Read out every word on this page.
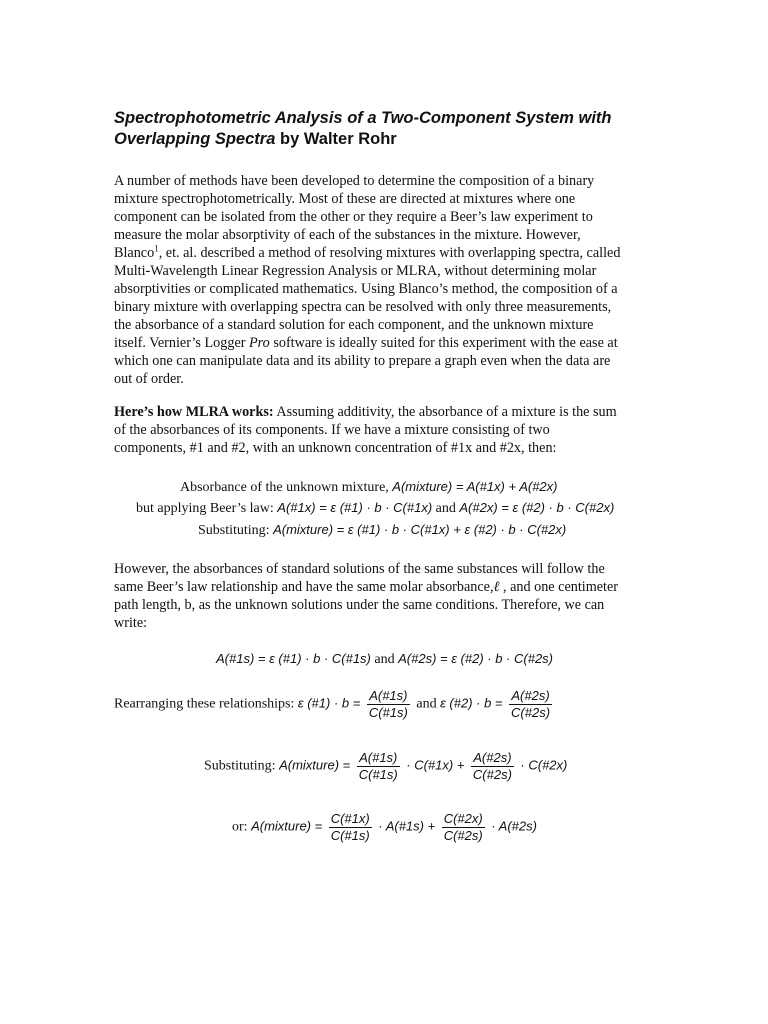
Spectrophotometric Analysis of a Two-Component System with Overlapping Spectra by Walter Rohr

A number of methods have been developed to determine the composition of a binary
mixture spectrophotometrically. Most of these are directed at mixtures where one
component can be isolated from the other or they require a Beer’s law experiment to
measure the molar absorptivity of each of the substances in the mixture. However,
Blanco$^1$, et. al. described a method of resolving mixtures with overlapping spectra, called
Multi-Wavelength Linear Regression Analysis or MLRA, without determining molar
absorptivities or complicated mathematics. Using Blanco’s method, the composition of a
binary mixture with overlapping spectra can be resolved with only three measurements,
the absorbance of a standard solution for each component, and the unknown mixture
itself. Vernier’s Logger Pro software is ideally suited for this experiment with the ease at
which one can manipulate data and its ability to prepare a graph even when the data are
out of order.

Here’s how MLRA works: Assuming additivity, the absorbance of a mixture is the sum
of the absorbances of its components. If we have a mixture consisting of two
components, #1 and #2, with an unknown concentration of #1x and #2x, then:

Absorbance of the unknown mixture, A(mixture) = A(#1x) + A(#2x)
but applying Beer’s law: A(#1x) = ε (#1) · b · C(#1x) and A(#2x) = ε (#2) · b · C(#2x)
Substituting: A(mixture) = ε (#1) · b · C(#1x) + ε (#2) · b · C(#2x)

However, the absorbances of standard solutions of the same substances will follow the
same Beer’s law relationship and have the same molar absorbance,ℓ , and one centimeter
path length, b, as the unknown solutions under the same conditions. Therefore, we can
write:

A(#1s) = ε (#1) · b · C(#1s) and A(#2s) = ε (#2) · b · C(#2s)
Rearranging these relationships: ε (#1) · $b = \frac{A(\#1s)}{C(\#1s)}$ and ε (#2) · $b = \frac{A(\#2s)}{C(\#2s)}$
Substituting: A(mixture) = $\frac{A(\#1s)}{C(\#1s)}$ · C(#1x) + $\frac{A(\#2s)}{C(\#2s)}$ · C(#2x)
or: A(mixture) = $\frac{C(\#1x)}{C(\#1s)}$ · A(#1s) + $\frac{C(\#2x)}{C(\#2s)}$ · A(#2s)
